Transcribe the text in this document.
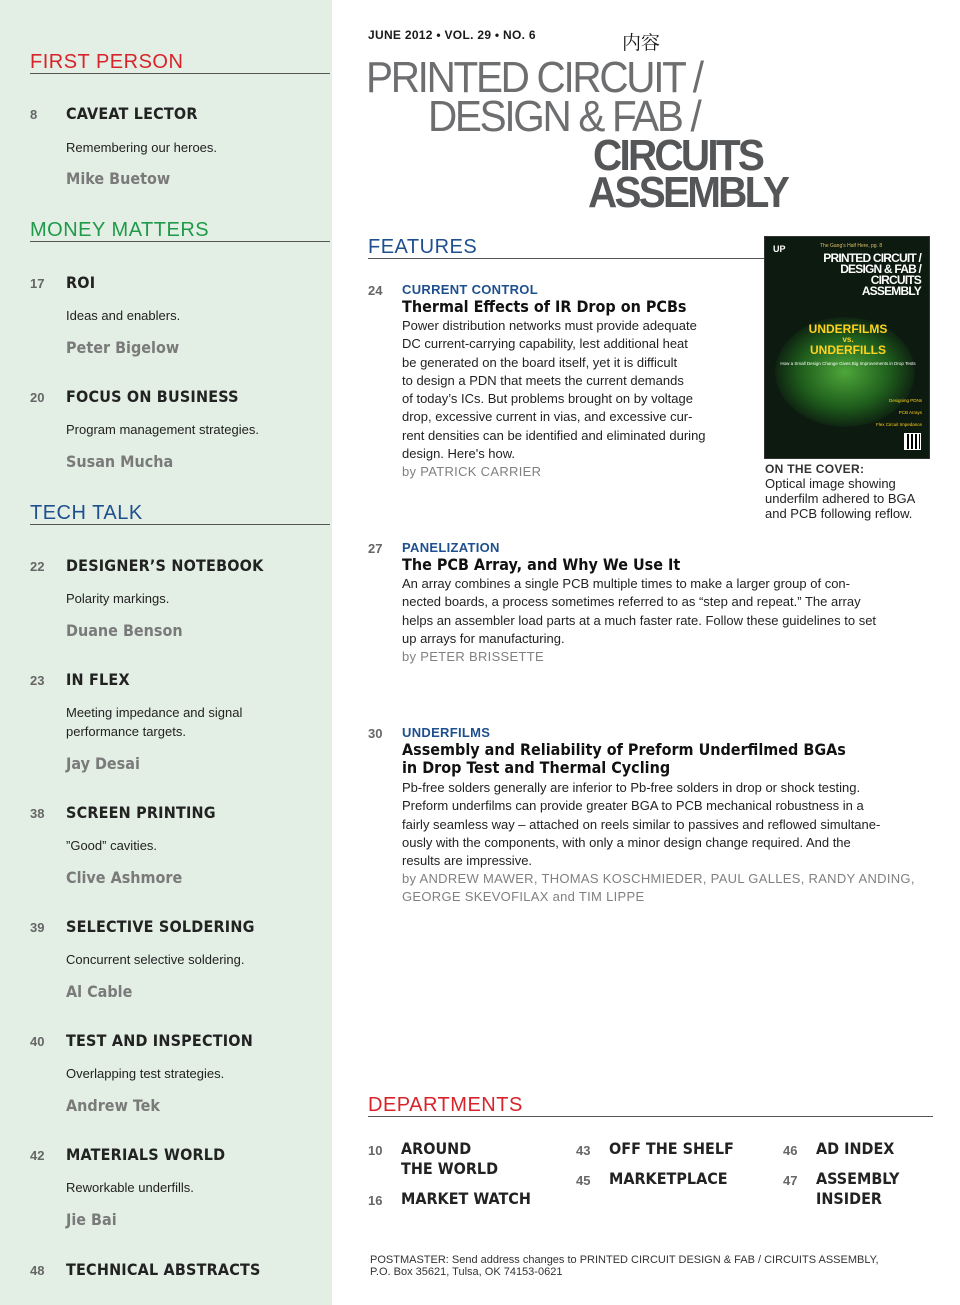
FIRST PERSON
MONEY MATTERS
TECH TALK
8 CAVEAT LECTOR
Remembering our heroes.
Mike Buetow
17 ROI
Ideas and enablers.
Peter Bigelow
20 FOCUS ON BUSINESS
Program management strategies.
Susan Mucha
22 DESIGNER’S NOTEBOOK
Polarity markings.
Duane Benson
23 IN FLEX
Meeting impedance and signal performance targets.
Jay Desai
38 SCREEN PRINTING
”Good” cavities.
Clive Ashmore
39 SELECTIVE SOLDERING
Concurrent selective soldering.
Al Cable
40 TEST AND INSPECTION
Overlapping test strategies.
Andrew Tek
42 MATERIALS WORLD
Reworkable underfills.
Jie Bai
48 TECHNICAL ABSTRACTS
JUNE 2012 • VOL. 29 • NO. 6	内容
PRINTED CIRCUIT /
DESIGN & FAB /
CIRCUITS
ASSEMBLY
FEATURES
24 CURRENT CONTROL
Thermal Effects of IR Drop on PCBs
Power distribution networks must provide adequate
DC current-carrying capability, lest additional heat
be generated on the board itself, yet it is difficult
to design a PDN that meets the current demands
of today’s ICs. But problems brought on by voltage
drop, excessive current in vias, and excessive cur-
rent densities can be identified and eliminated during
design. Here's how.
by PATRICK CARRIER
27 PANELIZATION
The PCB Array, and Why We Use It
An array combines a single PCB multiple times to make a larger group of con-
nected boards, a process sometimes referred to as “step and repeat.” The array
helps an assembler load parts at a much faster rate. Follow these guidelines to set
up arrays for manufacturing.
by PETER BRISSETTE
30 UNDERFILMS
Assembly and Reliability of Preform Underfilmed BGAs
in Drop Test and Thermal Cycling
Pb-free solders generally are inferior to Pb-free solders in drop or shock testing.
Preform underfilms can provide greater BGA to PCB mechanical robustness in a
fairly seamless way – attached on reels similar to passives and reflowed simultane-
ously with the components, with only a minor design change required. And the
results are impressive.
by ANDREW MAWER, THOMAS KOSCHMIEDER, PAUL GALLES, RANDY ANDING,
GEORGE SKEVOFILAX and TIM LIPPE
UP	The Gang's Half Here, pg. 8
PRINTED CIRCUIT /
DESIGN & FAB /
CIRCUITS
ASSEMBLY
UNDERFILMS
vs.
UNDERFILLS
How a Small Design Change Gives Big Improvements in Drop Tests
Designing PDNs
PCB Arrays
Flex Circuit Impedance
ON THE COVER:
Optical image showing underfilm adhered to BGA and PCB following reflow.
DEPARTMENTS
10 AROUND THE WORLD
16 MARKET WATCH
43 OFF THE SHELF
45 MARKETPLACE
46 AD INDEX
47 ASSEMBLY INSIDER
POSTMASTER: Send address changes to PRINTED CIRCUIT DESIGN & FAB / CIRCUITS ASSEMBLY,
P.O. Box 35621, Tulsa, OK 74153-0621
